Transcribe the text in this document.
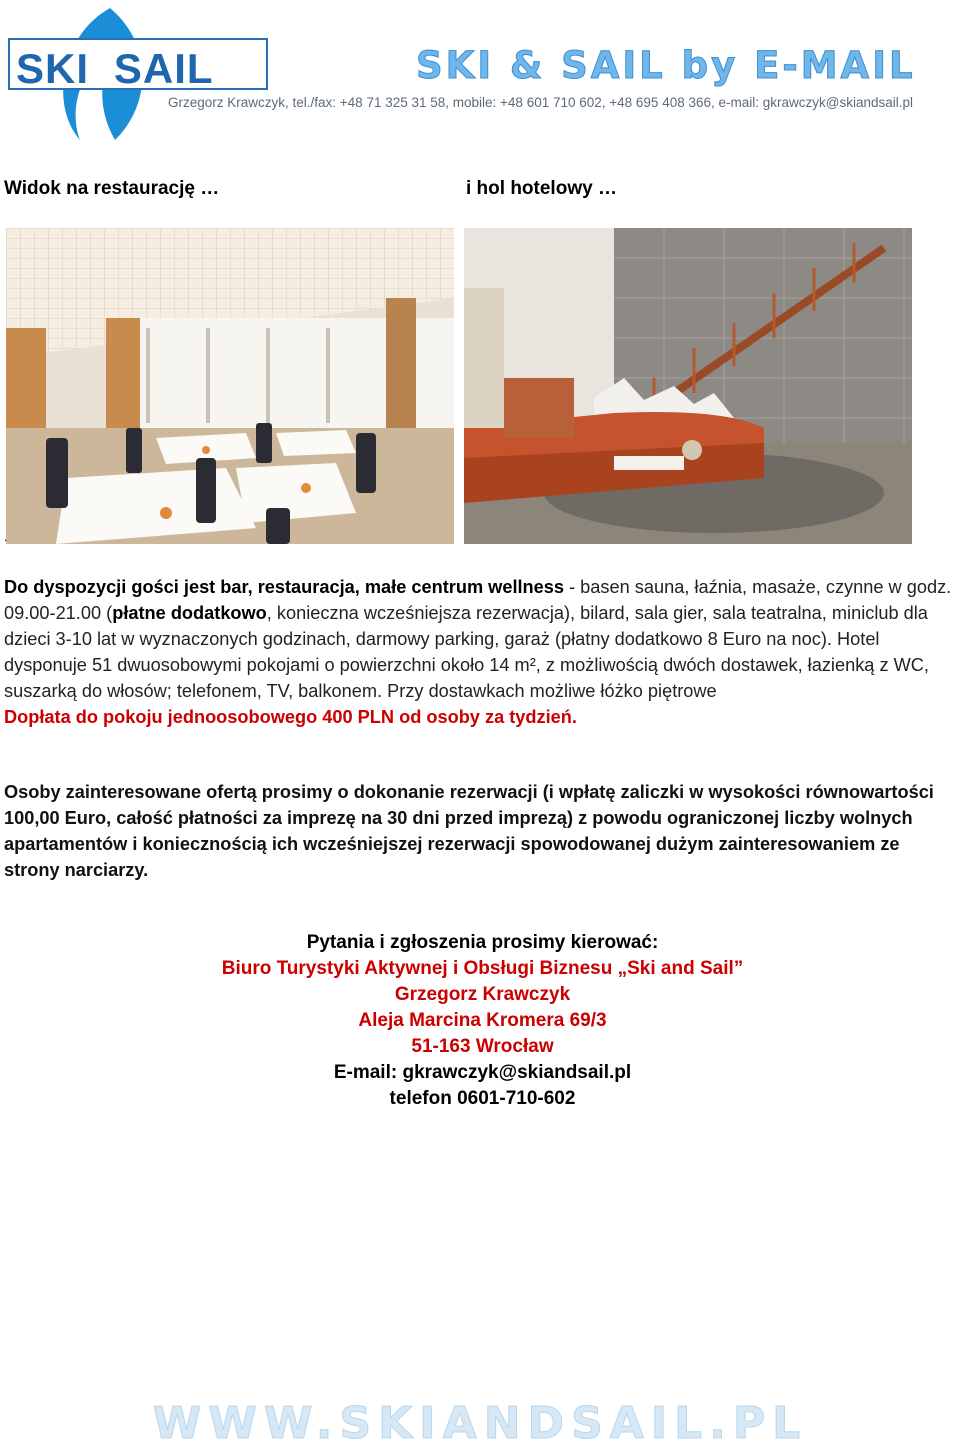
SKI &SAIL	SKI & SAIL by E-MAIL
Grzegorz Krawczyk, tel./fax: +48 71 325 31 58, mobile: +48 601 710 602, +48 695 408 366, e-mail: gkrawczyk@skiandsail.pl
Widok na restaurację …	i hol hotelowy …
.
Do dyspozycji gości jest bar, restauracja, małe centrum wellness - basen sauna, łaźnia, masaże, czynne w godz. 09.00-21.00 (płatne dodatkowo, konieczna wcześniejsza rezerwacja), bilard, sala gier, sala teatralna, miniclub dla dzieci 3-10 lat w wyznaczonych godzinach, darmowy parking, garaż (płatny dodatkowo 8 Euro na noc). Hotel dysponuje 51 dwuosobowymi pokojami o powierzchni około 14 m², z możliwością dwóch dostawek, łazienką z WC, suszarką do włosów; telefonem, TV, balkonem. Przy dostawkach możliwe łóżko piętrowe
Dopłata do pokoju jednoosobowego 400 PLN od osoby za tydzień.
Osoby zainteresowane ofertą prosimy o dokonanie rezerwacji (i wpłatę zaliczki w wysokości równowartości 100,00 Euro, całość płatności za imprezę na 30 dni przed imprezą) z powodu ograniczonej liczby wolnych apartamentów i koniecznością ich wcześniejszej rezerwacji spowodowanej dużym zainteresowaniem ze strony narciarzy.
Pytania i zgłoszenia prosimy kierować:
Biuro Turystyki Aktywnej i Obsługi Biznesu „Ski and Sail”
Grzegorz Krawczyk
Aleja Marcina Kromera 69/3
51-163 Wrocław
E-mail: gkrawczyk@skiandsail.pl
telefon 0601-710-602
WWW.SKIANDSAIL.PL
